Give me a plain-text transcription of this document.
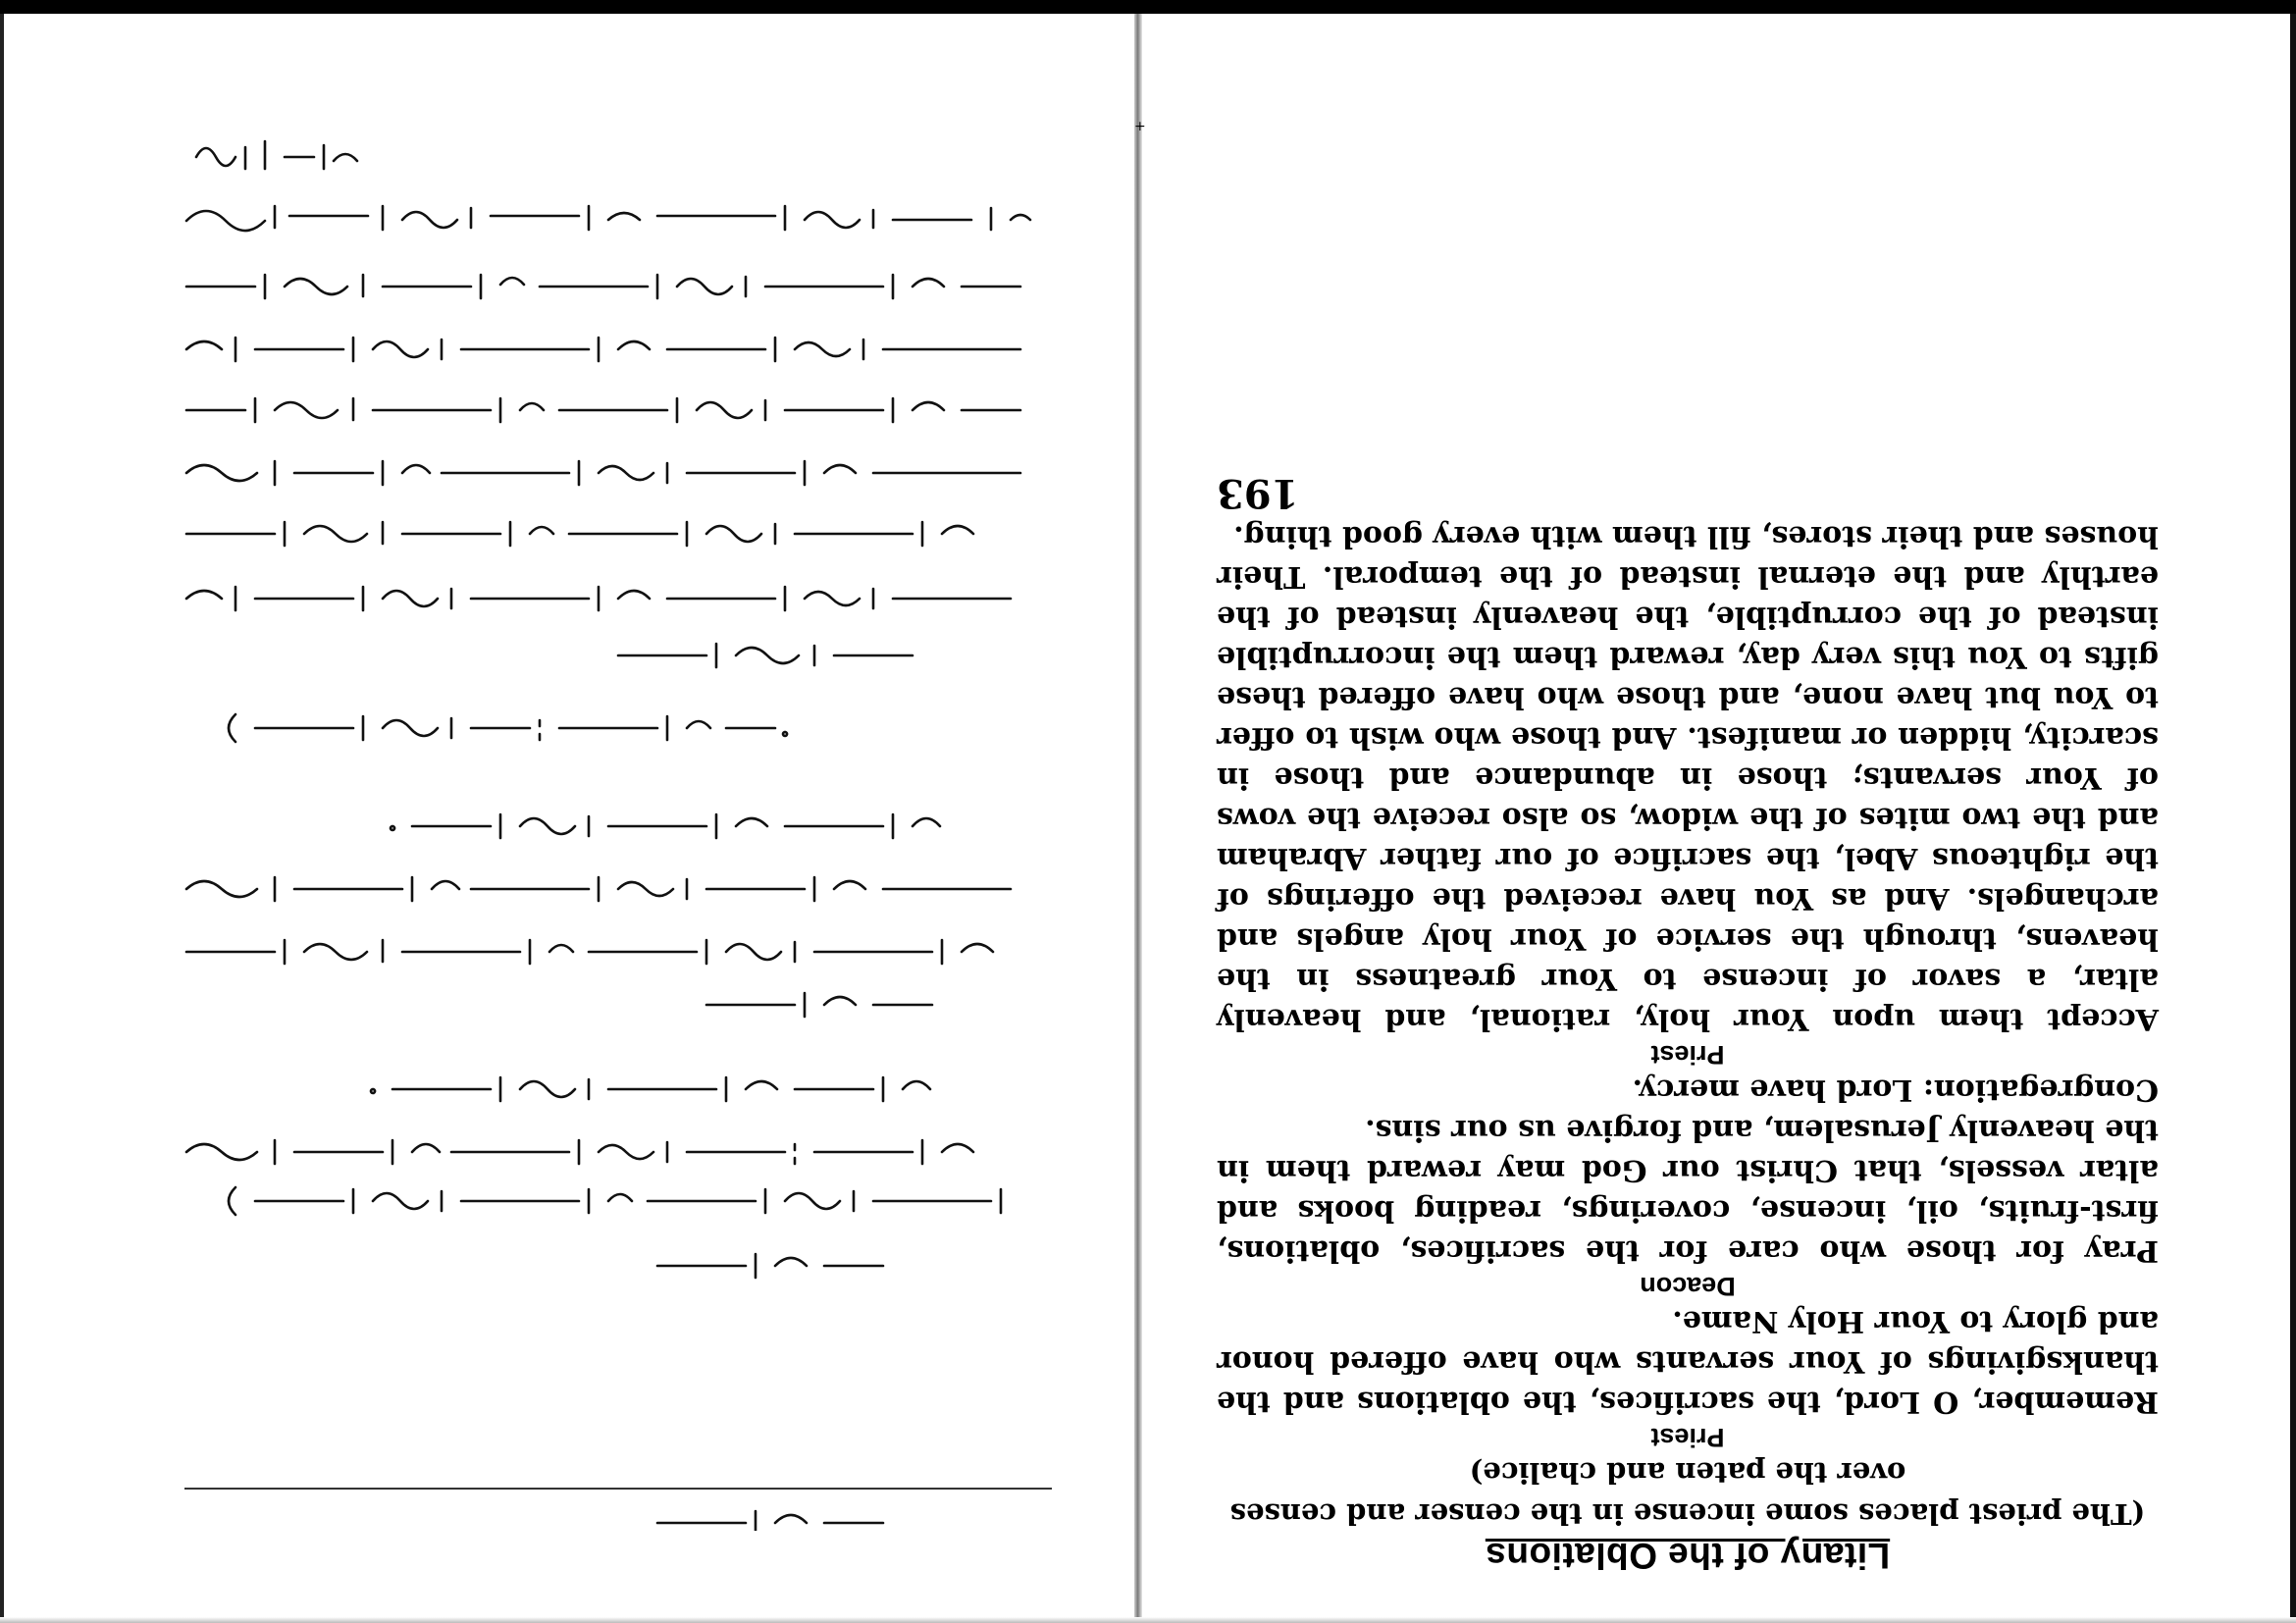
+

Litany of the Oblations

(The priest places some incense in the censer and censes over the paten and chalice)

Priest

Remember, O Lord, the sacrifices, the oblations and the thanksgivings of Your servants who have offered honor and glory to Your Holy Name.

Deacon

Pray for those who care for the sacrifices, oblations, first-fruits, oil, incense, coverings, reading books and altar vessels, that Christ our God may reward them in the heavenly Jerusalem, and forgive us our sins.

Congregation: Lord have mercy.

Priest

Accept them upon Your holy, rational, and heavenly altar, a savor of incense to Your greatness in the heavens, through the service of Your holy angels and archangels. And as You have received the offerings of the righteous Abel, the sacrifice of our father Abraham and the two mites of the widow, so also receive the vows of Your servants; those in abundance and those in scarcity, hidden or manifest. And those who wish to offer to You but have none, and those who have offered these gifts to You this very day, reward them the incorruptible instead of the corruptible, the heavenly instead of the earthly and the eternal instead of the temporal. Their houses and their stores, fill them with every good thing.

193
